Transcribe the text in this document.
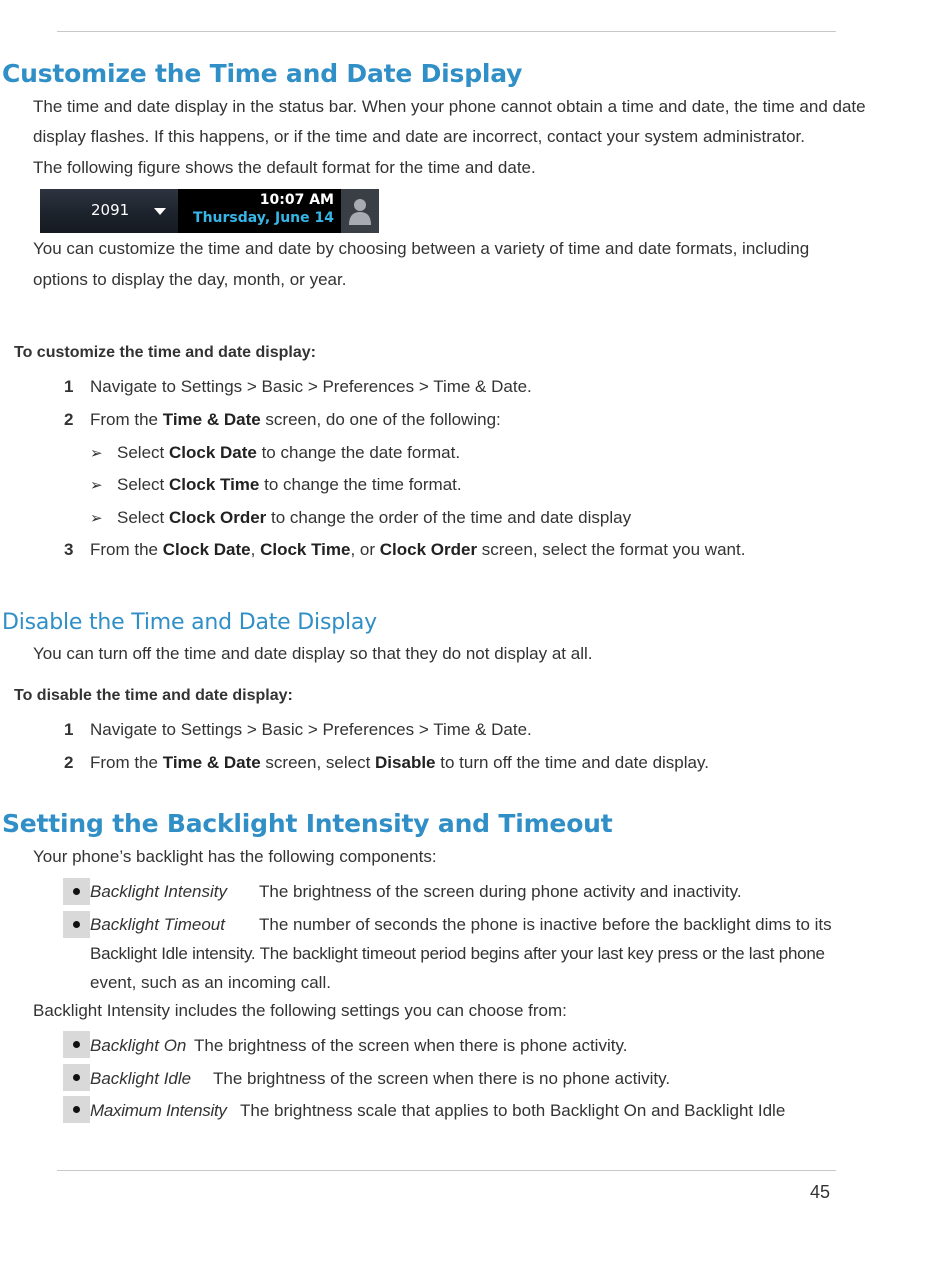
Customize the Time and Date Display
The time and date display in the status bar. When your phone cannot obtain a time and date, the time and date
display flashes. If this happens, or if the time and date are incorrect, contact your system administrator.
The following figure shows the default format for the time and date.
2091
10:07 AM
Thursday, June 14
You can customize the time and date by choosing between a variety of time and date formats, including
options to display the day, month, or year.
To customize the time and date display:
1 Navigate to Settings > Basic > Preferences > Time & Date.
2 From the Time & Date screen, do one of the following:
➢ Select Clock Date to change the date format.
➢ Select Clock Time to change the time format.
➢ Select Clock Order to change the order of the time and date display
3 From the Clock Date, Clock Time, or Clock Order screen, select the format you want.
Disable the Time and Date Display
You can turn off the time and date display so that they do not display at all.
To disable the time and date display:
1 Navigate to Settings > Basic > Preferences > Time & Date.
2 From the Time & Date screen, select Disable to turn off the time and date display.
Setting the Backlight Intensity and Timeout
Your phone’s backlight has the following components:
Backlight Intensity The brightness of the screen during phone activity and inactivity.
Backlight Timeout The number of seconds the phone is inactive before the backlight dims to its
Backlight Idle intensity. The backlight timeout period begins after your last key press or the last phone
event, such as an incoming call.
Backlight Intensity includes the following settings you can choose from:
Backlight On The brightness of the screen when there is phone activity.
Backlight Idle The brightness of the screen when there is no phone activity.
Maximum Intensity The brightness scale that applies to both Backlight On and Backlight Idle
45
